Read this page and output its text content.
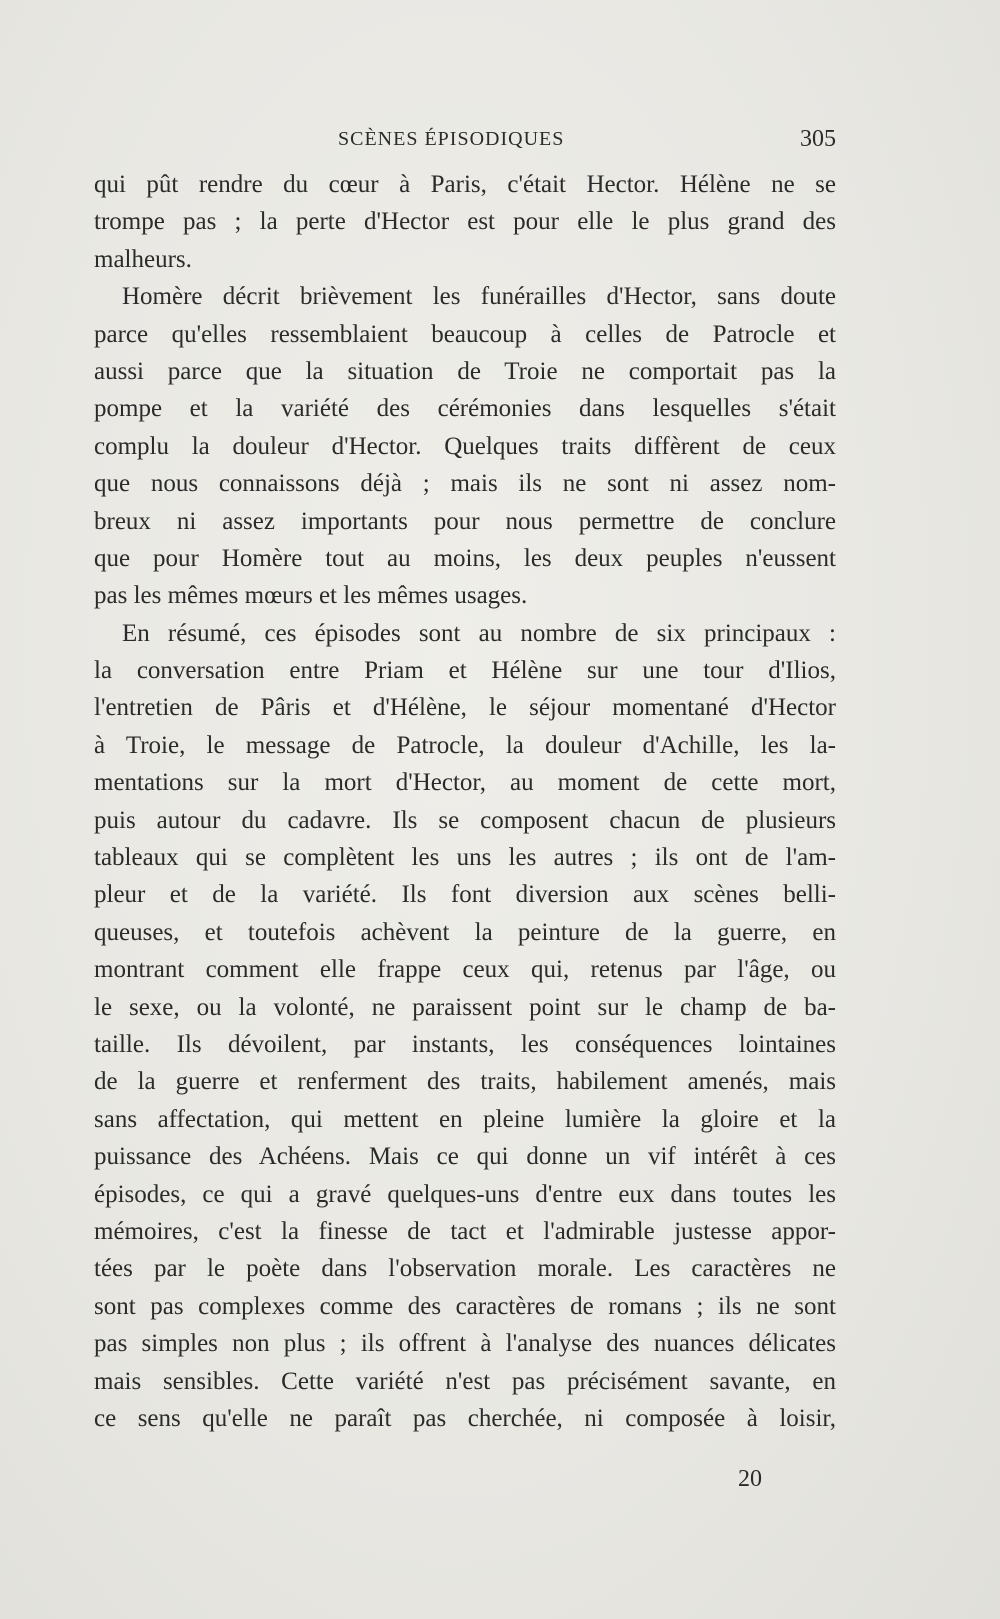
SCÈNES ÉPISODIQUES	305
qui pût rendre du cœur à Paris, c'était Hector. Hélène ne se
trompe pas ; la perte d'Hector est pour elle le plus grand des
malheurs.
Homère décrit brièvement les funérailles d'Hector, sans doute
parce qu'elles ressemblaient beaucoup à celles de Patrocle et
aussi parce que la situation de Troie ne comportait pas la
pompe et la variété des cérémonies dans lesquelles s'était
complu la douleur d'Hector. Quelques traits diffèrent de ceux
que nous connaissons déjà ; mais ils ne sont ni assez nom-
breux ni assez importants pour nous permettre de conclure
que pour Homère tout au moins, les deux peuples n'eussent
pas les mêmes mœurs et les mêmes usages.
En résumé, ces épisodes sont au nombre de six principaux :
la conversation entre Priam et Hélène sur une tour d'Ilios,
l'entretien de Pâris et d'Hélène, le séjour momentané d'Hector
à Troie, le message de Patrocle, la douleur d'Achille, les la-
mentations sur la mort d'Hector, au moment de cette mort,
puis autour du cadavre. Ils se composent chacun de plusieurs
tableaux qui se complètent les uns les autres ; ils ont de l'am-
pleur et de la variété. Ils font diversion aux scènes belli-
queuses, et toutefois achèvent la peinture de la guerre, en
montrant comment elle frappe ceux qui, retenus par l'âge, ou
le sexe, ou la volonté, ne paraissent point sur le champ de ba-
taille. Ils dévoilent, par instants, les conséquences lointaines
de la guerre et renferment des traits, habilement amenés, mais
sans affectation, qui mettent en pleine lumière la gloire et la
puissance des Achéens. Mais ce qui donne un vif intérêt à ces
épisodes, ce qui a gravé quelques-uns d'entre eux dans toutes les
mémoires, c'est la finesse de tact et l'admirable justesse appor-
tées par le poète dans l'observation morale. Les caractères ne
sont pas complexes comme des caractères de romans ; ils ne sont
pas simples non plus ; ils offrent à l'analyse des nuances délicates
mais sensibles. Cette variété n'est pas précisément savante, en
ce sens qu'elle ne paraît pas cherchée, ni composée à loisir,
20
